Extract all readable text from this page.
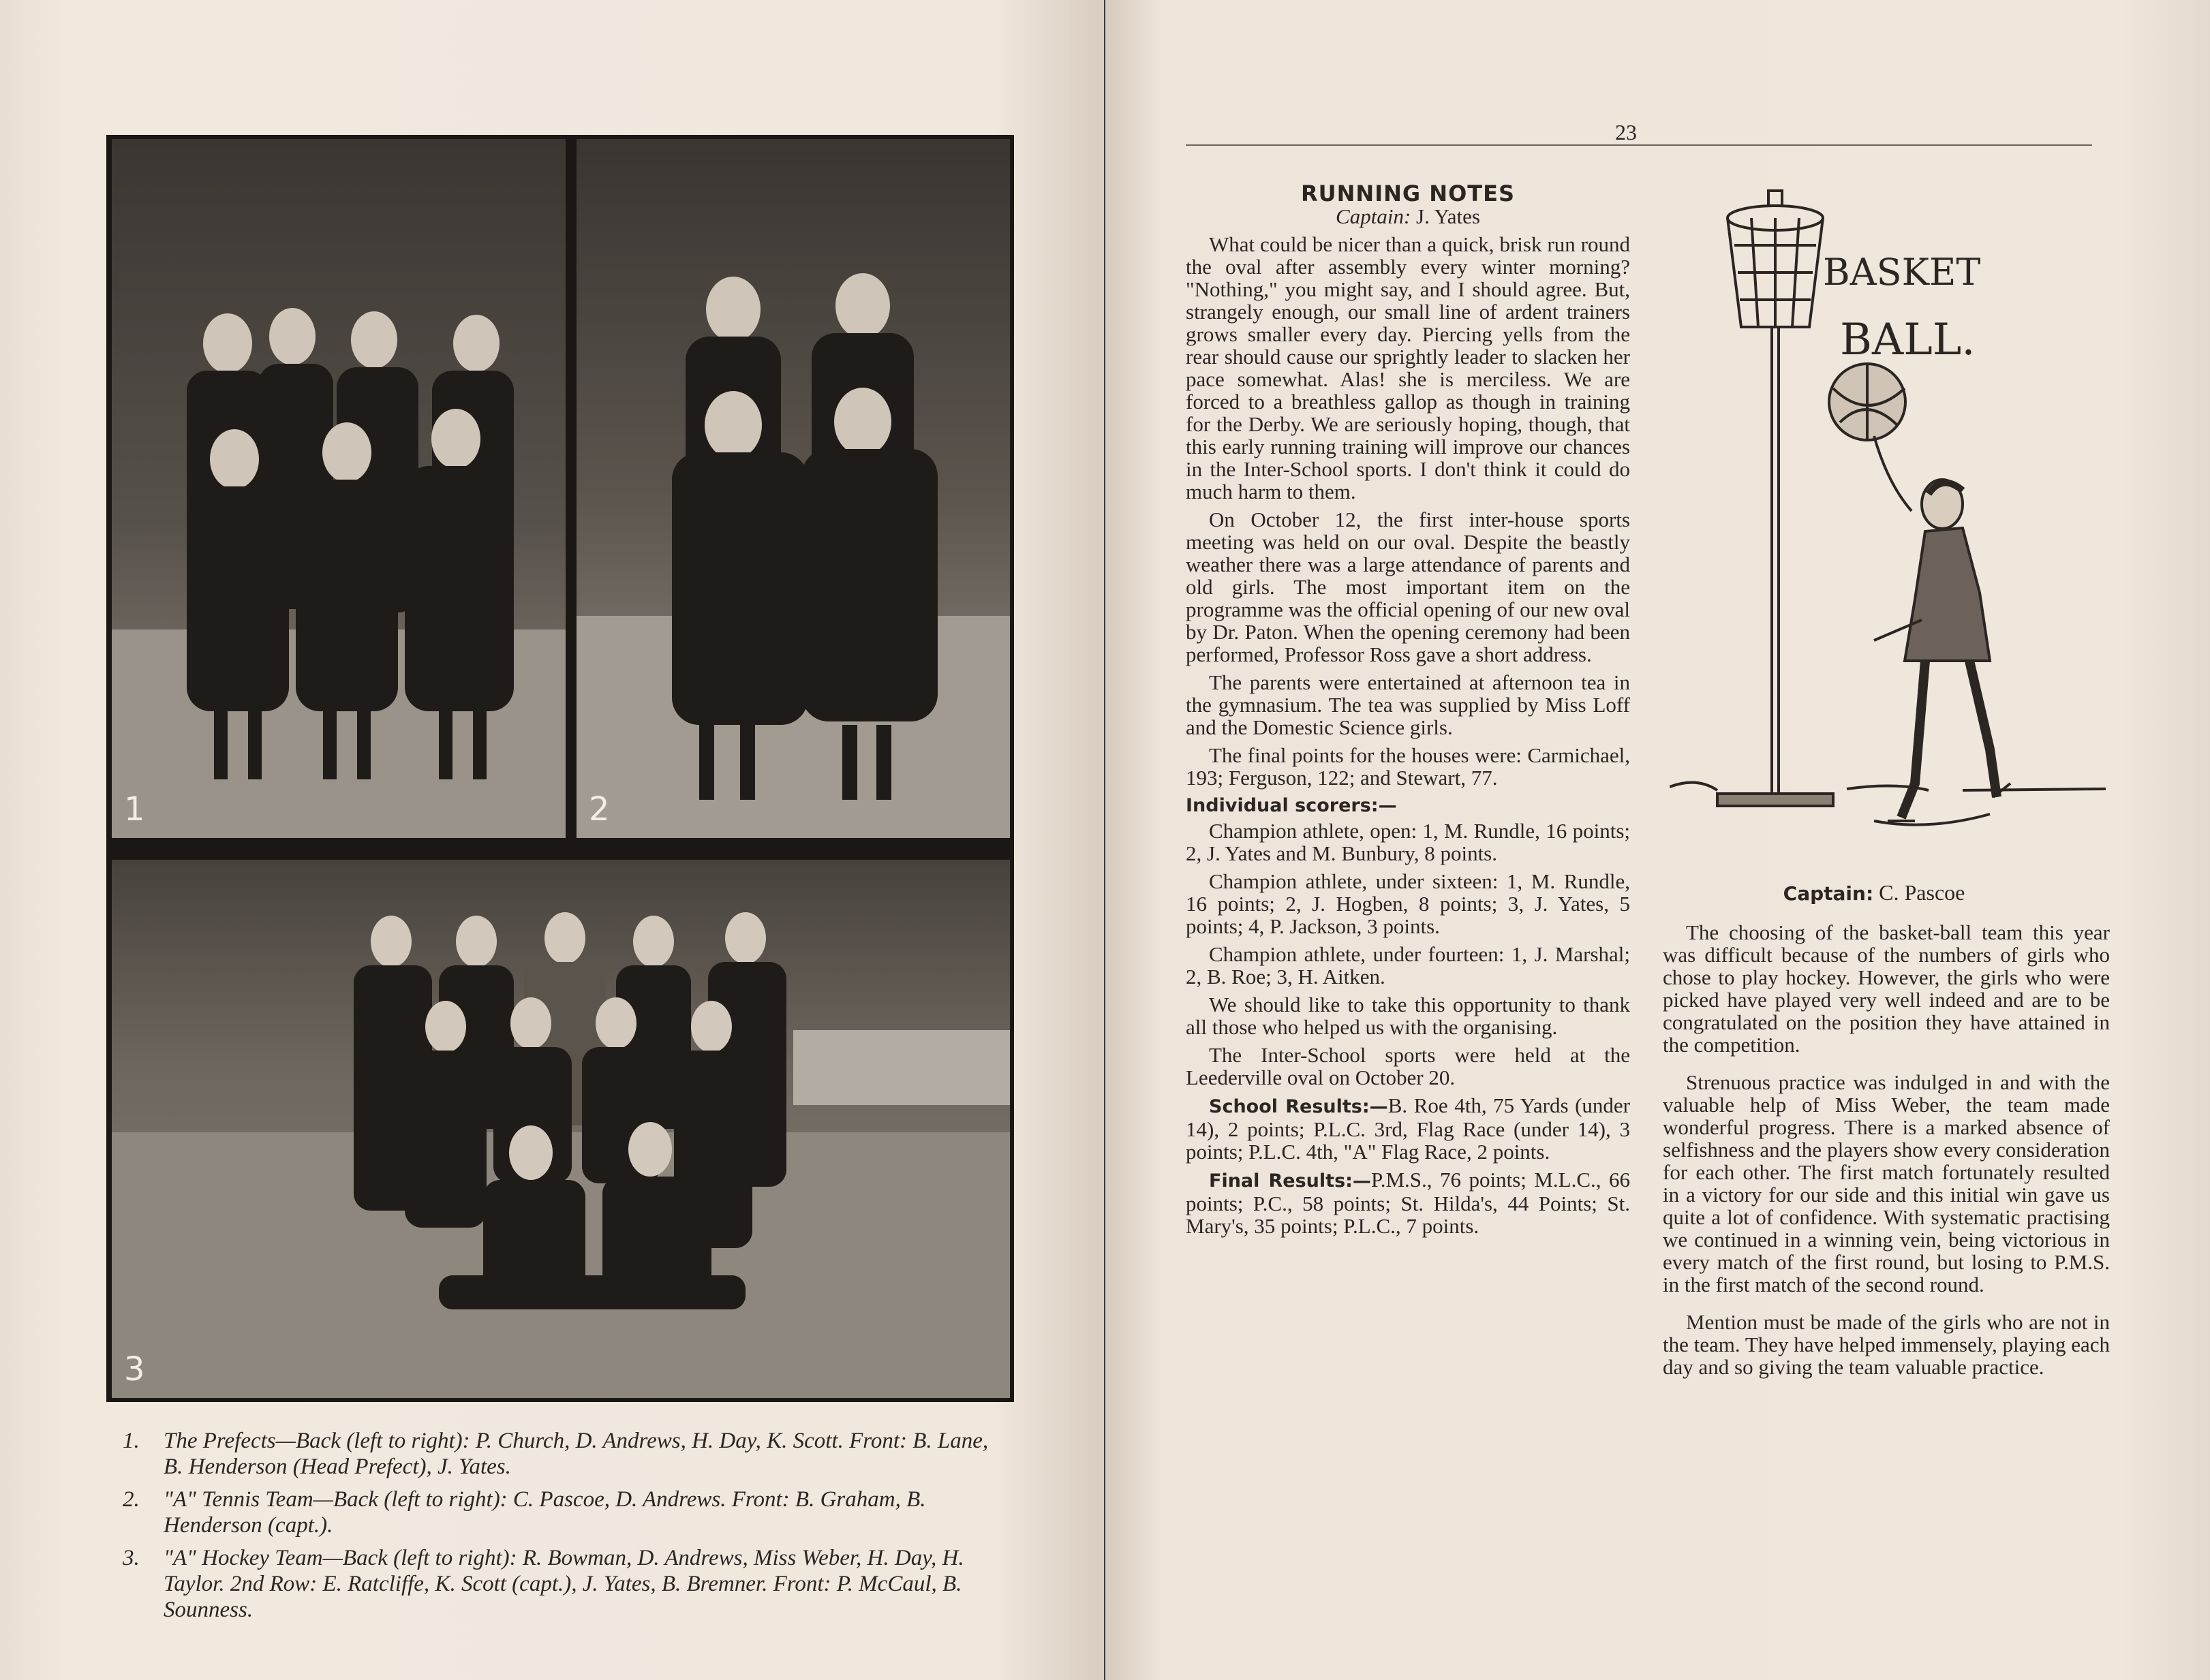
1	2
3
1.	The Prefects—Back (left to right): P. Church, D. Andrews, H. Day, K. Scott. Front: B. Lane, B. Henderson (Head Prefect), J. Yates.
2.	"A" Tennis Team—Back (left to right): C. Pascoe, D. Andrews. Front: B. Graham, B. Henderson (capt.).
3.	"A" Hockey Team—Back (left to right): R. Bowman, D. Andrews, Miss Weber, H. Day, H. Taylor. 2nd Row: E. Ratcliffe, K. Scott (capt.), J. Yates, B. Bremner. Front: P. McCaul, B. Sounness.
23
RUNNING NOTES

Captain: J. Yates

What could be nicer than a quick, brisk run round the oval after assembly every winter morning? "Nothing," you might say, and I should agree. But, strangely enough, our small line of ardent trainers grows smaller every day. Piercing yells from the rear should cause our sprightly leader to slacken her pace somewhat. Alas! she is merciless. We are forced to a breathless gallop as though in training for the Derby. We are seriously hoping, though, that this early running training will improve our chances in the Inter-School sports. I don't think it could do much harm to them.

On October 12, the first inter-house sports meeting was held on our oval. Despite the beastly weather there was a large attendance of parents and old girls. The most important item on the programme was the official opening of our new oval by Dr. Paton. When the opening ceremony had been performed, Professor Ross gave a short address.

The parents were entertained at afternoon tea in the gymnasium. The tea was supplied by Miss Loff and the Domestic Science girls.

The final points for the houses were: Carmichael, 193; Ferguson, 122; and Stewart, 77.

Individual scorers:—

Champion athlete, open: 1, M. Rundle, 16 points; 2, J. Yates and M. Bunbury, 8 points.

Champion athlete, under sixteen: 1, M. Rundle, 16 points; 2, J. Hogben, 8 points; 3, J. Yates, 5 points; 4, P. Jackson, 3 points.

Champion athlete, under fourteen: 1, J. Marshal; 2, B. Roe; 3, H. Aitken.

We should like to take this opportunity to thank all those who helped us with the organising.

The Inter-School sports were held at the Leederville oval on October 20.

School Results:—B. Roe 4th, 75 Yards (under 14), 2 points; P.L.C. 3rd, Flag Race (under 14), 3 points; P.L.C. 4th, "A" Flag Race, 2 points.

Final Results:—P.M.S., 76 points; M.L.C., 66 points; P.C., 58 points; St. Hilda's, 44 Points; St. Mary's, 35 points; P.L.C., 7 points.

BASKET
BALL.
Captain: C. Pascoe

The choosing of the basket-ball team this year was difficult because of the numbers of girls who chose to play hockey. However, the girls who were picked have played very well indeed and are to be congratulated on the position they have attained in the competition.

Strenuous practice was indulged in and with the valuable help of Miss Weber, the team made wonderful progress. There is a marked absence of selfishness and the players show every consideration for each other. The first match fortunately resulted in a victory for our side and this initial win gave us quite a lot of confidence. With systematic practising we continued in a winning vein, being victorious in every match of the first round, but losing to P.M.S. in the first match of the second round.

Mention must be made of the girls who are not in the team. They have helped immensely, playing each day and so giving the team valuable practice.
